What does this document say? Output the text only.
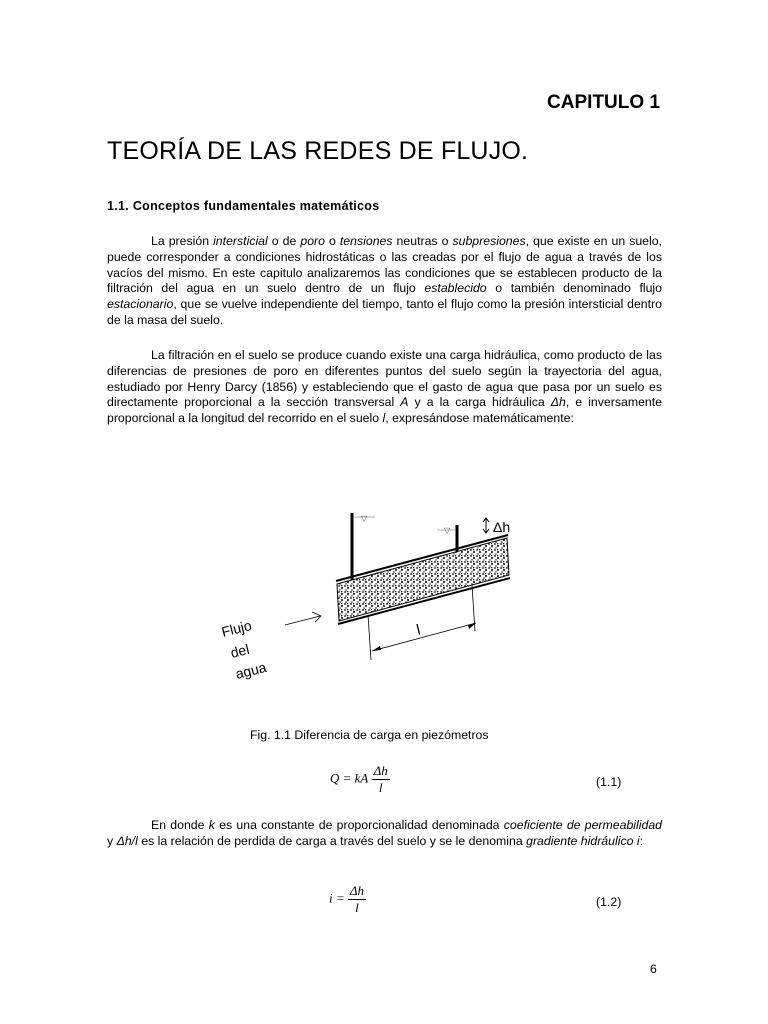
CAPITULO 1
TEORÍA DE LAS REDES DE FLUJO.
1.1. Conceptos fundamentales matemáticos

La presión intersticial o de poro o tensiones neutras o subpresiones, que existe en un suelo, puede corresponder a condiciones hidrostáticas o las creadas por el flujo de agua a través de los vacíos del mismo. En este capitulo analizaremos las condiciones que se establecen producto de la filtración del agua en un suelo dentro de un flujo establecido o también denominado flujo estacionario, que se vuelve independiente del tiempo, tanto el flujo como la presión intersticial dentro de la masa del suelo.

La filtración en el suelo se produce cuando existe una carga hidráulica, como producto de las diferencias de presiones de poro en diferentes puntos del suelo según la trayectoria del agua, estudiado por Henry Darcy (1856) y estableciendo que el gasto de agua que pasa por un suelo es directamente proporcional a la sección transversal A y a la carga hidráulica Δh, e inversamente proporcional a la longitud del recorrido en el suelo l, expresándose matemáticamente:

▽
▽	Δh
l
Flujo
del
agua

Fig. 1.1 Diferencia de carga en piezómetros

Q = kA $\frac{\Delta h}{l}$	(1.1)

En donde k es una constante de proporcionalidad denominada coeficiente de permeabilidad y Δh/l es la relación de perdida de carga a través del suelo y se le denomina gradiente hidráulico i:

$i = \frac{\Delta h}{l}$	(1.2)
6
